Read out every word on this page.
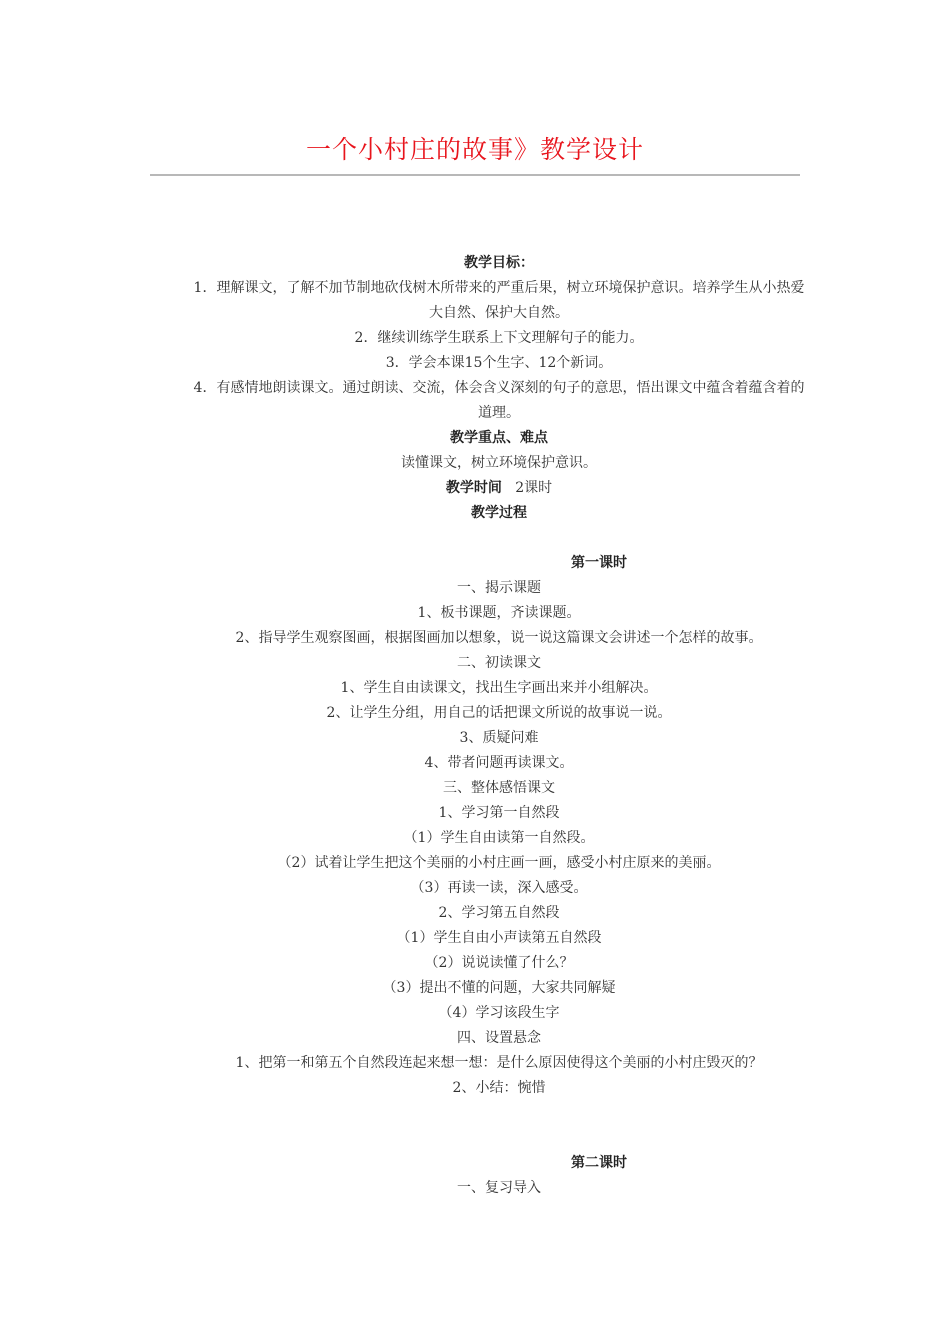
一个小村庄的故事》教学设计

教学目标：

1．理解课文，了解不加节制地砍伐树木所带来的严重后果，树立环境保护意识。培养学生从小热爱大自然、保护大自然。

2．继续训练学生联系上下文理解句子的能力。

3．学会本课15个生字、12个新词。

4．有感情地朗读课文。通过朗读、交流，体会含义深刻的句子的意思，悟出课文中蕴含着蕴含着的道理。

教学重点、难点

读懂课文，树立环境保护意识。

教学时间 2课时

教学过程

第一课时

一、揭示课题

1、板书课题，齐读课题。

2、指导学生观察图画，根据图画加以想象，说一说这篇课文会讲述一个怎样的故事。

二、初读课文

1、学生自由读课文，找出生字画出来并小组解决。

2、让学生分组，用自己的话把课文所说的故事说一说。

3、质疑问难

4、带者问题再读课文。

三、整体感悟课文

1、学习第一自然段

（1）学生自由读第一自然段。

（2）试着让学生把这个美丽的小村庄画一画，感受小村庄原来的美丽。

（3）再读一读，深入感受。

2、学习第五自然段

（1）学生自由小声读第五自然段

（2）说说读懂了什么？

（3）提出不懂的问题，大家共同解疑

（4）学习该段生字

四、设置悬念

1、把第一和第五个自然段连起来想一想：是什么原因使得这个美丽的小村庄毁灭的？

2、小结：惋惜

第二课时

一、复习导入
